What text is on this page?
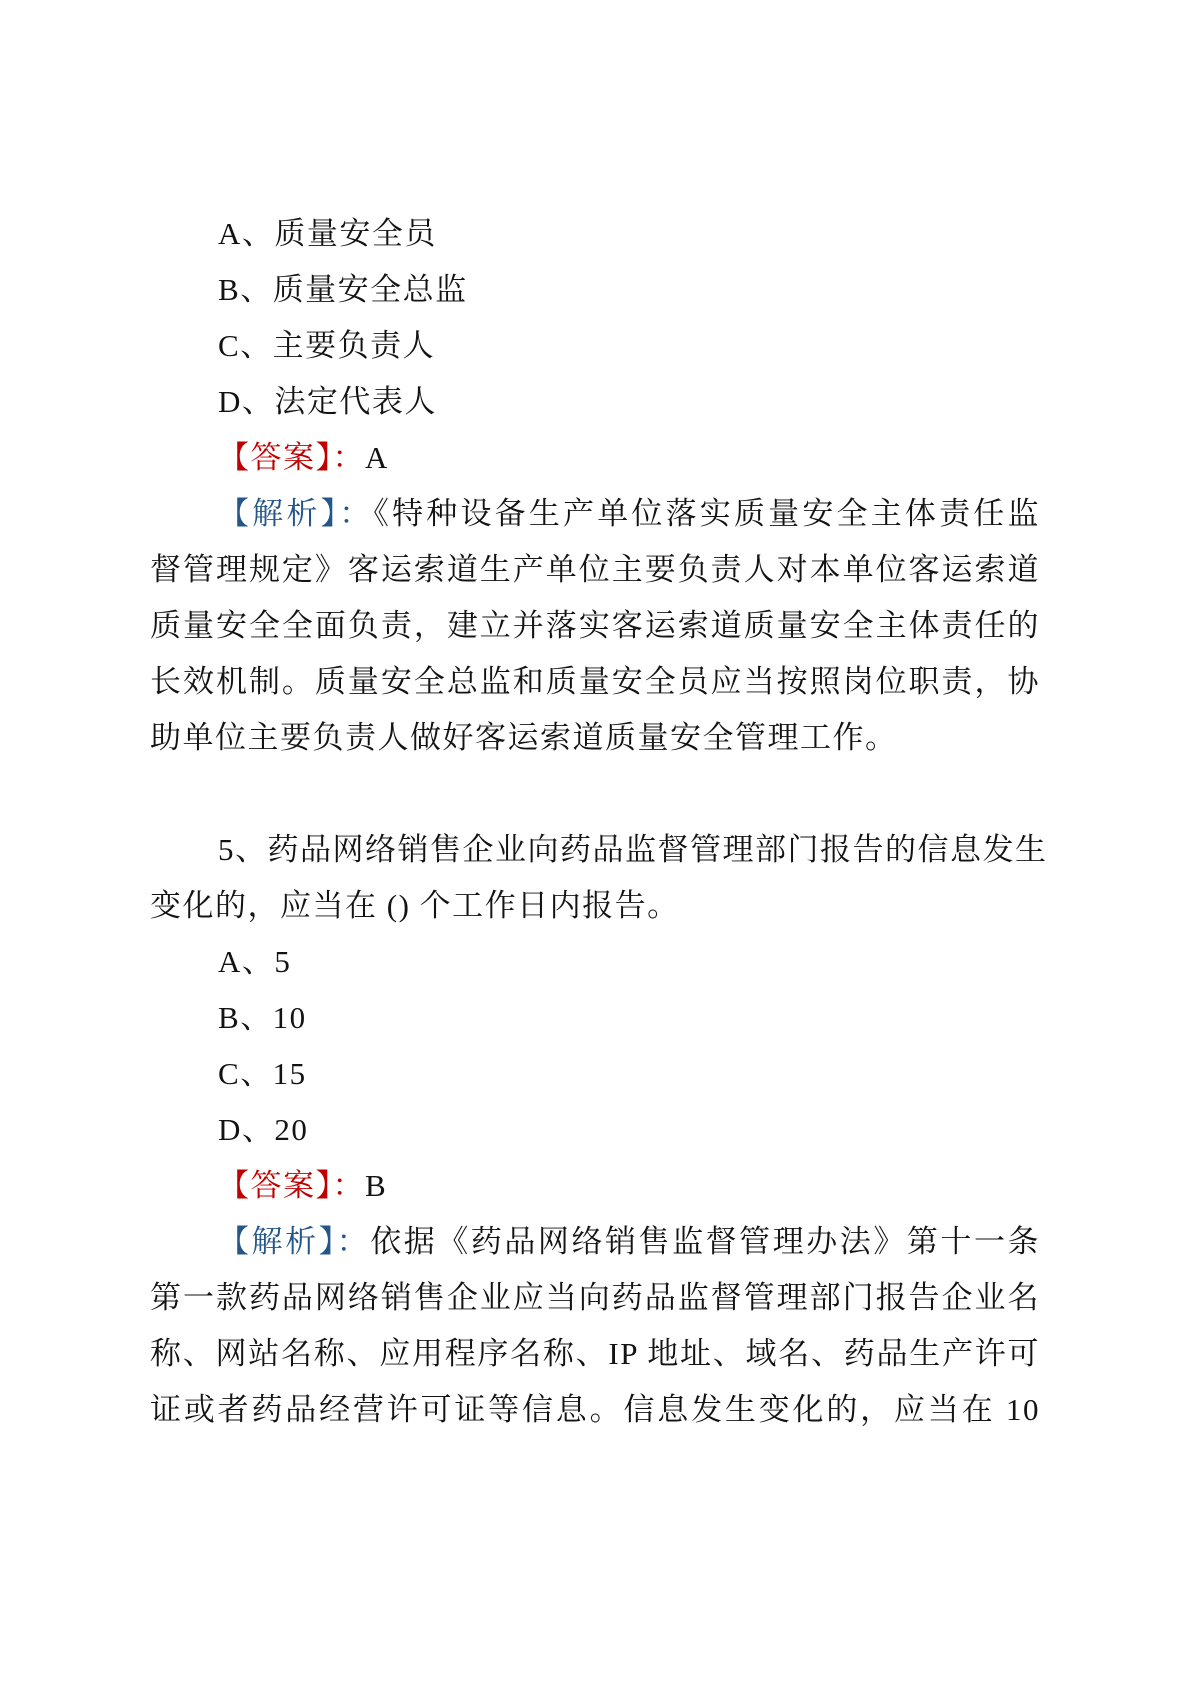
A、质量安全员
B、质量安全总监
C、主要负责人
D、法定代表人
【答案】：A
【解析】：《特种设备生产单位落实质量安全主体责任监
督管理规定》客运索道生产单位主要负责人对本单位客运索道
质量安全全面负责，建立并落实客运索道质量安全主体责任的
长效机制。质量安全总监和质量安全员应当按照岗位职责，协
助单位主要负责人做好客运索道质量安全管理工作。
5、药品网络销售企业向药品监督管理部门报告的信息发生
变化的，应当在 () 个工作日内报告。
A、5
B、10
C、15
D、20
【答案】：B
【解析】：依据《药品网络销售监督管理办法》第十一条
第一款药品网络销售企业应当向药品监督管理部门报告企业名
称、网站名称、应用程序名称、IP 地址、域名、药品生产许可
证或者药品经营许可证等信息。信息发生变化的，应当在 10
